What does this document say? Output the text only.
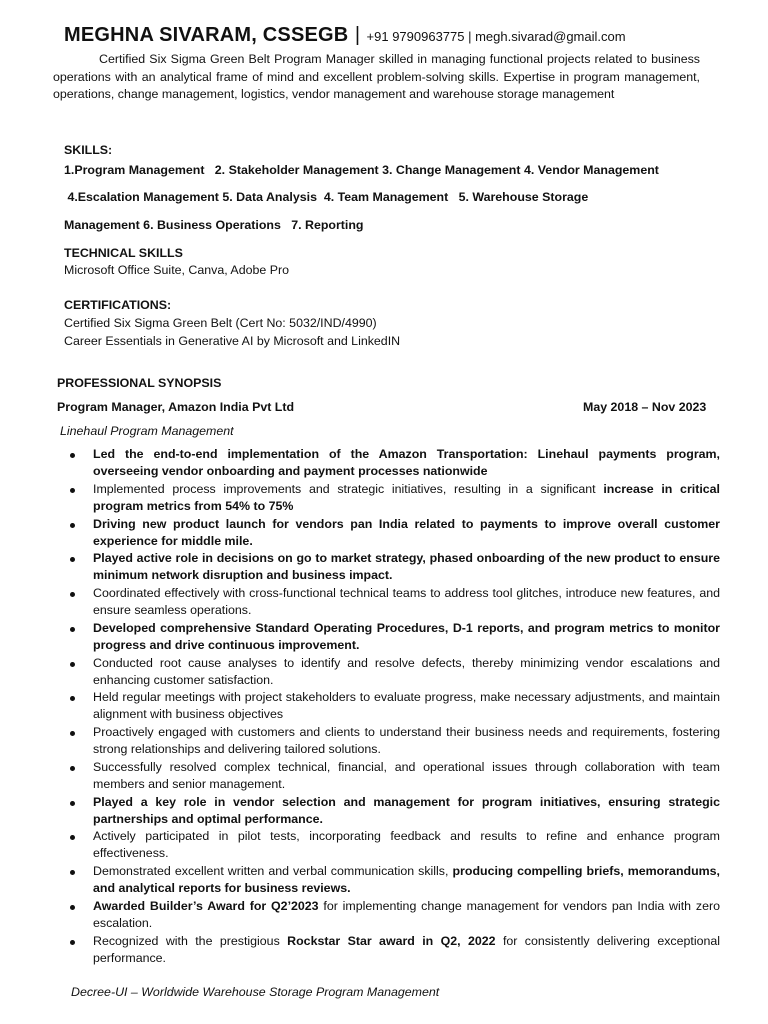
MEGHNA SIVARAM, CSSEGB | +91 9790963775 | megh.sivarad@gmail.com
Certified Six Sigma Green Belt Program Manager skilled in managing functional projects related to business operations with an analytical frame of mind and excellent problem-solving skills. Expertise in program management, operations, change management, logistics, vendor management and warehouse storage management
SKILLS:
1.Program Management   2. Stakeholder Management 3. Change Management 4. Vendor Management
4.Escalation Management 5. Data Analysis  4. Team Management   5. Warehouse Storage
Management 6. Business Operations   7. Reporting
TECHNICAL SKILLS
Microsoft Office Suite, Canva, Adobe Pro
CERTIFICATIONS:
Certified Six Sigma Green Belt (Cert No: 5032/IND/4990)
Career Essentials in Generative AI by Microsoft and LinkedIN
PROFESSIONAL SYNOPSIS
Program Manager, Amazon India Pvt Ltd	May 2018 – Nov 2023
Linehaul Program Management
Led the end-to-end implementation of the Amazon Transportation: Linehaul payments program, overseeing vendor onboarding and payment processes nationwide
Implemented process improvements and strategic initiatives, resulting in a significant increase in critical program metrics from 54% to 75%
Driving new product launch for vendors pan India related to payments to improve overall customer experience for middle mile.
Played active role in decisions on go to market strategy, phased onboarding of the new product to ensure minimum network disruption and business impact.
Coordinated effectively with cross-functional technical teams to address tool glitches, introduce new features, and ensure seamless operations.
Developed comprehensive Standard Operating Procedures, D-1 reports, and program metrics to monitor progress and drive continuous improvement.
Conducted root cause analyses to identify and resolve defects, thereby minimizing vendor escalations and enhancing customer satisfaction.
Held regular meetings with project stakeholders to evaluate progress, make necessary adjustments, and maintain alignment with business objectives
Proactively engaged with customers and clients to understand their business needs and requirements, fostering strong relationships and delivering tailored solutions.
Successfully resolved complex technical, financial, and operational issues through collaboration with team members and senior management.
Played a key role in vendor selection and management for program initiatives, ensuring strategic partnerships and optimal performance.
Actively participated in pilot tests, incorporating feedback and results to refine and enhance program effectiveness.
Demonstrated excellent written and verbal communication skills, producing compelling briefs, memorandums, and analytical reports for business reviews.
Awarded Builder’s Award for Q2’2023 for implementing change management for vendors pan India with zero escalation.
Recognized with the prestigious Rockstar Star award in Q2, 2022 for consistently delivering exceptional performance.
Decree-UI – Worldwide Warehouse Storage Program Management
